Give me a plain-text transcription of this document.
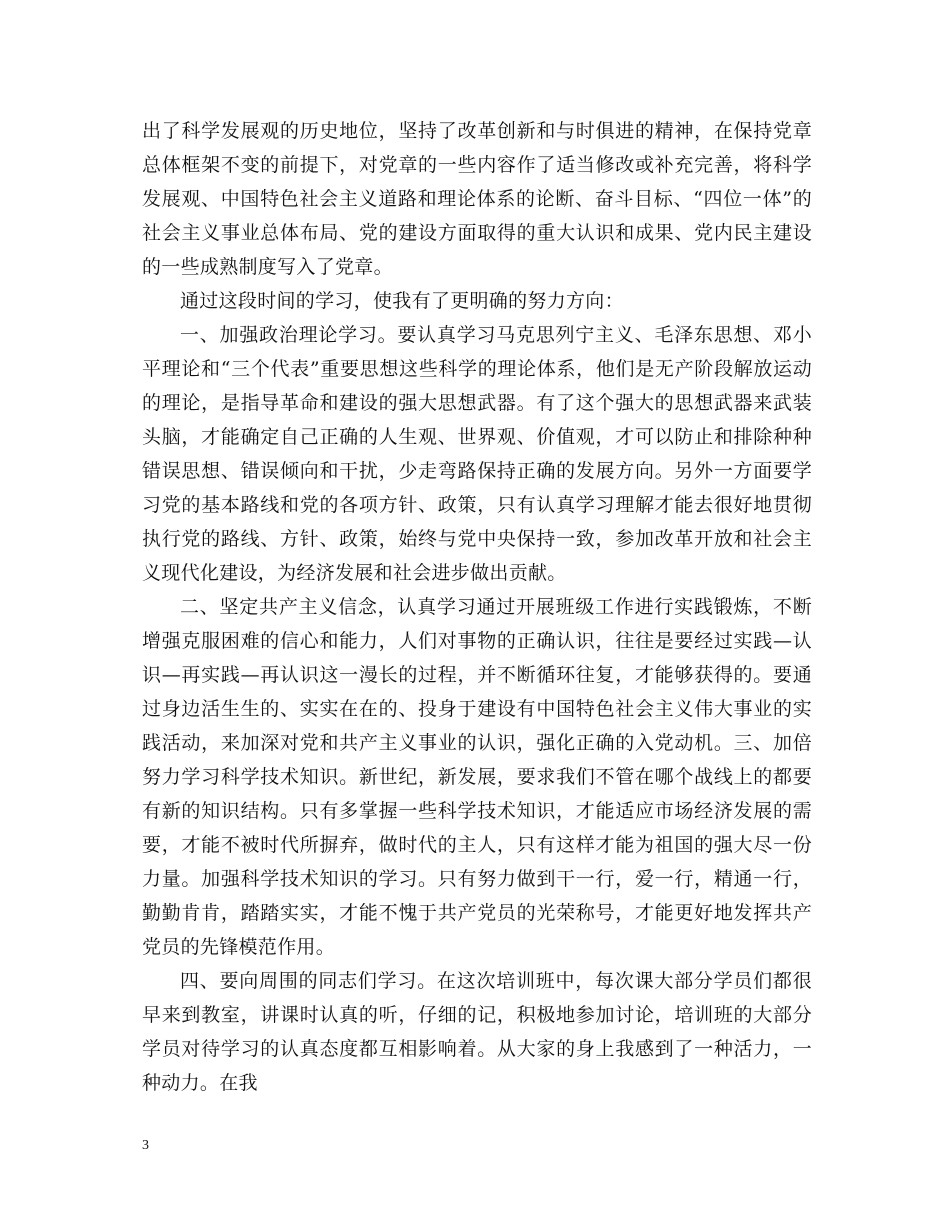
出了科学发展观的历史地位，坚持了改革创新和与时俱进的精神，在保持党章总体框架不变的前提下，对党章的一些内容作了适当修改或补充完善，将科学发展观、中国特色社会主义道路和理论体系的论断、奋斗目标、“四位一体”的社会主义事业总体布局、党的建设方面取得的重大认识和成果、党内民主建设的一些成熟制度写入了党章。

通过这段时间的学习，使我有了更明确的努力方向：

一、加强政治理论学习。要认真学习马克思列宁主义、毛泽东思想、邓小平理论和“三个代表”重要思想这些科学的理论体系，他们是无产阶段解放运动的理论，是指导革命和建设的强大思想武器。有了这个强大的思想武器来武装头脑，才能确定自己正确的人生观、世界观、价值观，才可以防止和排除种种错误思想、错误倾向和干扰，少走弯路保持正确的发展方向。另外一方面要学习党的基本路线和党的各项方针、政策，只有认真学习理解才能去很好地贯彻执行党的路线、方针、政策，始终与党中央保持一致，参加改革开放和社会主义现代化建设，为经济发展和社会进步做出贡献。

二、坚定共产主义信念，认真学习通过开展班级工作进行实践锻炼，不断增强克服困难的信心和能力，人们对事物的正确认识，往往是要经过实践—认识—再实践—再认识这一漫长的过程，并不断循环往复，才能够获得的。要通过身边活生生的、实实在在的、投身于建设有中国特色社会主义伟大事业的实践活动，来加深对党和共产主义事业的认识，强化正确的入党动机。三、加倍努力学习科学技术知识。新世纪，新发展，要求我们不管在哪个战线上的都要有新的知识结构。只有多掌握一些科学技术知识，才能适应市场经济发展的需要，才能不被时代所摒弃，做时代的主人，只有这样才能为祖国的强大尽一份力量。加强科学技术知识的学习。只有努力做到干一行，爱一行，精通一行，勤勤肯肯，踏踏实实，才能不愧于共产党员的光荣称号，才能更好地发挥共产党员的先锋模范作用。

四、要向周围的同志们学习。在这次培训班中，每次课大部分学员们都很早来到教室，讲课时认真的听，仔细的记，积极地参加讨论，培训班的大部分学员对待学习的认真态度都互相影响着。从大家的身上我感到了一种活力，一种动力。在我

3
